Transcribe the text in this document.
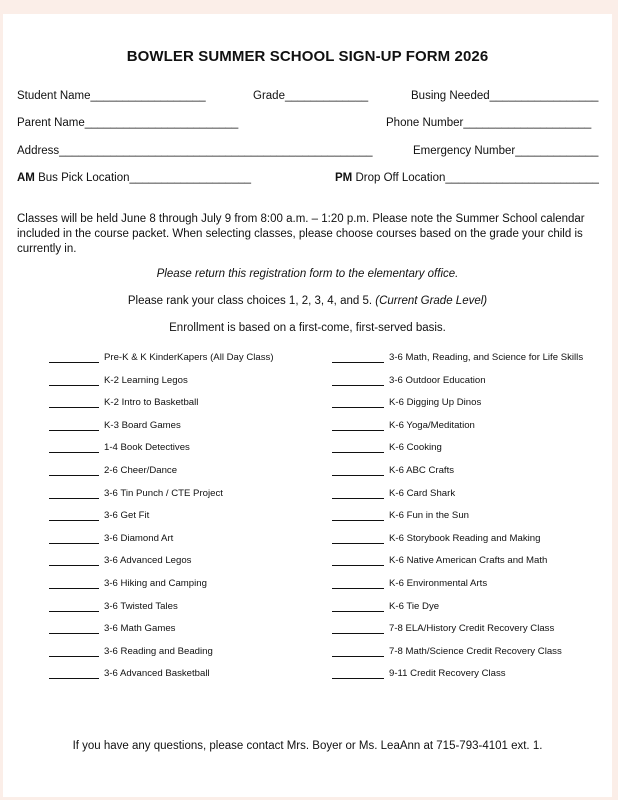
BOWLER SUMMER SCHOOL SIGN-UP FORM 2026
Student Name__________________	Grade_____________	Busing Needed_________________
Parent Name________________________	Phone Number____________________
Address_________________________________________________	Emergency Number_____________
AM Bus Pick Location___________________	PM Drop Off Location________________________
Classes will be held June 8 through July 9 from 8:00 a.m. – 1:20 p.m. Please note the Summer School calendar included in the course packet. When selecting classes, please choose courses based on the grade your child is currently in.
Please return this registration form to the elementary office.
Please rank your class choices 1, 2, 3, 4, and 5. (Current Grade Level)
Enrollment is based on a first-come, first-served basis.
Pre-K & K KinderKapers (All Day Class)
K-2 Learning Legos
K-2 Intro to Basketball
K-3 Board Games
1-4 Book Detectives
2-6 Cheer/Dance
3-6 Tin Punch / CTE Project
3-6 Get Fit
3-6 Diamond Art
3-6 Advanced Legos
3-6 Hiking and Camping
3-6 Twisted Tales
3-6 Math Games
3-6 Reading and Beading
3-6 Advanced Basketball
3-6 Math, Reading, and Science for Life Skills
3-6 Outdoor Education
K-6 Digging Up Dinos
K-6 Yoga/Meditation
K-6 Cooking
K-6 ABC Crafts
K-6 Card Shark
K-6 Fun in the Sun
K-6 Storybook Reading and Making
K-6 Native American Crafts and Math
K-6 Environmental Arts
K-6 Tie Dye
7-8 ELA/History Credit Recovery Class
7-8 Math/Science Credit Recovery Class
9-11 Credit Recovery Class
If you have any questions, please contact Mrs. Boyer or Ms. LeaAnn at 715-793-4101 ext. 1.
